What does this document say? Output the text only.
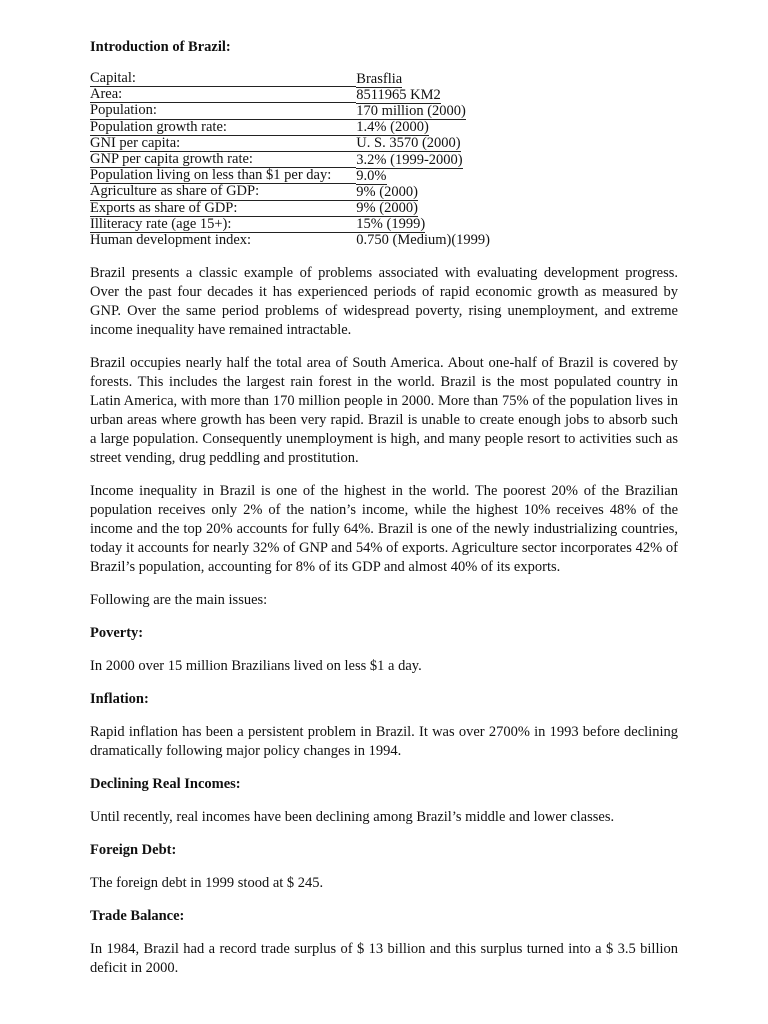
Introduction of Brazil:

Capital:	Brasflia
Area:	8511965 KM2
Population:	170 million (2000)
Population growth rate:	1.4% (2000)
GNI per capita:	U. S. 3570 (2000)
GNP per capita growth rate:	3.2% (1999-2000)
Population living on less than $1 per day:	9.0%
Agriculture as share of GDP:	9% (2000)
Exports as share of GDP:	9% (2000)
Illiteracy rate (age 15+):	15% (1999)
Human development index:	0.750 (Medium)(1999)

Brazil presents a classic example of problems associated with evaluating development progress. Over the past four decades it has experienced periods of rapid economic growth as measured by GNP. Over the same period problems of widespread poverty, rising unemployment, and extreme income inequality have remained intractable.

Brazil occupies nearly half the total area of South America. About one-half of Brazil is covered by forests. This includes the largest rain forest in the world. Brazil is the most populated country in Latin America, with more than 170 million people in 2000. More than 75% of the population lives in urban areas where growth has been very rapid. Brazil is unable to create enough jobs to absorb such a large population. Consequently unemployment is high, and many people resort to activities such as street vending, drug peddling and prostitution.

Income inequality in Brazil is one of the highest in the world. The poorest 20% of the Brazilian population receives only 2% of the nation’s income, while the highest 10% receives 48% of the income and the top 20% accounts for fully 64%. Brazil is one of the newly industrializing countries, today it accounts for nearly 32% of GNP and 54% of exports. Agriculture sector incorporates 42% of Brazil’s population, accounting for 8% of its GDP and almost 40% of its exports.

Following are the main issues:

Poverty:

In 2000 over 15 million Brazilians lived on less $1 a day.

Inflation:

Rapid inflation has been a persistent problem in Brazil. It was over 2700% in 1993 before declining dramatically following major policy changes in 1994.

Declining Real Incomes:

Until recently, real incomes have been declining among Brazil’s middle and lower classes.

Foreign Debt:

The foreign debt in 1999 stood at $ 245.

Trade Balance:

In 1984, Brazil had a record trade surplus of $ 13 billion and this surplus turned into a $ 3.5 billion deficit in 2000.
